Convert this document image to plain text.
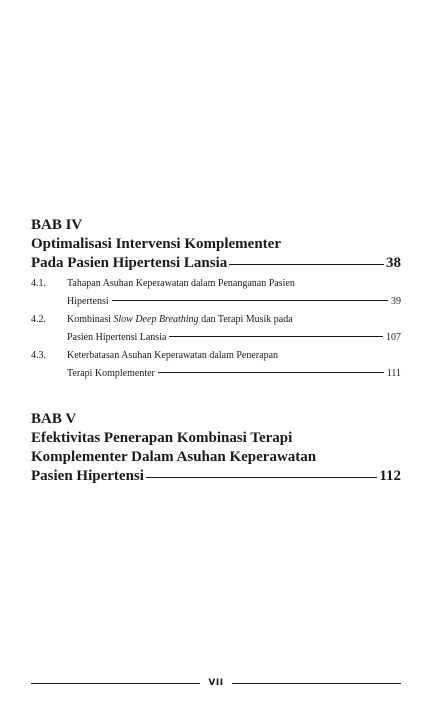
BAB IV

Optimalisasi Intervensi Komplementer

Pada Pasien Hipertensi Lansia	38
4.1.	Tahapan Asuhan Keperawatan dalam Penanganan Pasien
Hipertensi	39
4.2.	Kombinasi Slow Deep Breathing dan Terapi Musik pada
Pasien Hipertensi Lansia	107
4.3.	Keterbatasan Asuhan Keperawatan dalam Penerapan
Terapi Komplementer	111

BAB V

Efektivitas Penerapan Kombinasi Terapi

Komplementer Dalam Asuhan Keperawatan

Pasien Hipertensi	112
VII
